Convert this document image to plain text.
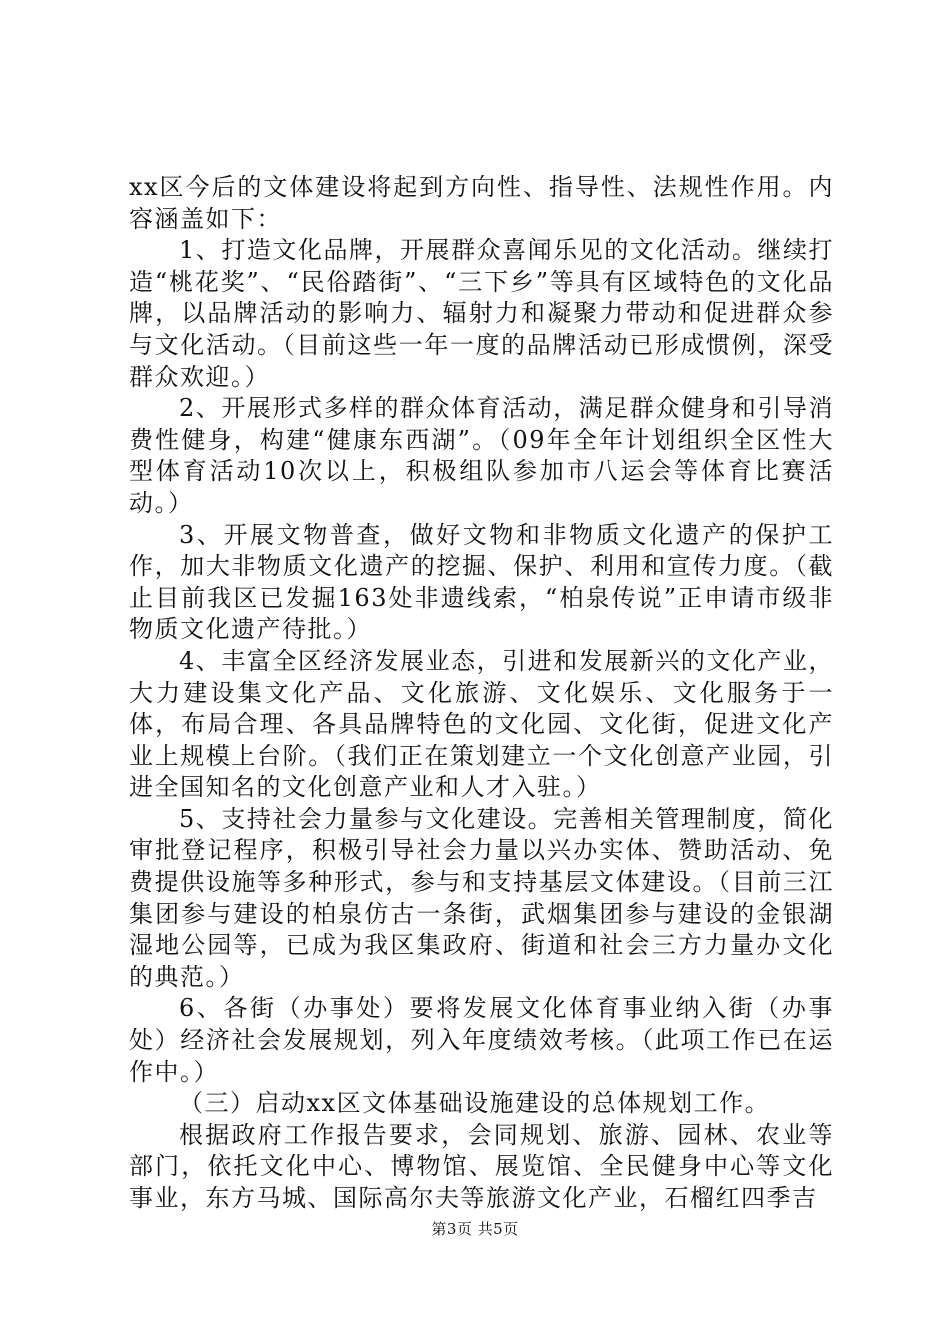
xx区今后的文体建设将起到方向性、指导性、法规性作用。内容涵盖如下：

1、打造文化品牌，开展群众喜闻乐见的文化活动。继续打造“桃花奖”、“民俗踏街”、“三下乡”等具有区域特色的文化品牌，以品牌活动的影响力、辐射力和凝聚力带动和促进群众参与文化活动。（目前这些一年一度的品牌活动已形成惯例，深受群众欢迎。）

2、开展形式多样的群众体育活动，满足群众健身和引导消费性健身，构建“健康东西湖”。（09年全年计划组织全区性大型体育活动10次以上，积极组队参加市八运会等体育比赛活动。）

3、开展文物普查，做好文物和非物质文化遗产的保护工作，加大非物质文化遗产的挖掘、保护、利用和宣传力度。（截止目前我区已发掘163处非遗线索，“柏泉传说”正申请市级非物质文化遗产待批。）

4、丰富全区经济发展业态，引进和发展新兴的文化产业，大力建设集文化产品、文化旅游、文化娱乐、文化服务于一体，布局合理、各具品牌特色的文化园、文化街，促进文化产业上规模上台阶。（我们正在策划建立一个文化创意产业园，引进全国知名的文化创意产业和人才入驻。）

5、支持社会力量参与文化建设。完善相关管理制度，简化审批登记程序，积极引导社会力量以兴办实体、赞助活动、免费提供设施等多种形式，参与和支持基层文体建设。（目前三江集团参与建设的柏泉仿古一条街，武烟集团参与建设的金银湖湿地公园等，已成为我区集政府、街道和社会三方力量办文化的典范。）

6、各街（办事处）要将发展文化体育事业纳入街（办事处）经济社会发展规划，列入年度绩效考核。（此项工作已在运作中。）

（三）启动xx区文体基础设施建设的总体规划工作。

根据政府工作报告要求，会同规划、旅游、园林、农业等部门，依托文化中心、博物馆、展览馆、全民健身中心等文化事业，东方马城、国际高尔夫等旅游文化产业，石榴红四季吉

第3页 共5页
